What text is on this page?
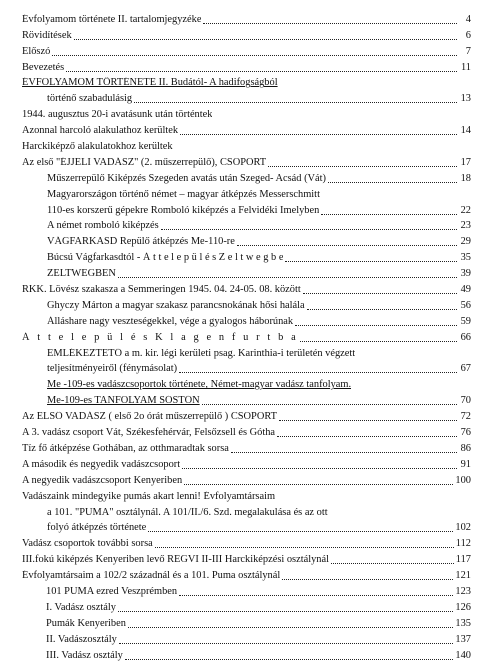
Évfolyamom története II. tartalomjegyzéke	4
Rövidítések	6
Előszó	7
Bevezetés	11
ÉVFOLYAMOM TÖRTÉNETE II. Budától- A hadifogságból
történő szabadulásig	13
1944. augusztus 20-i avatásunk után történtek
Azonnal harcoló alakulathoz kerültek	14
Harckiképző alakulatokhoz kerültek
Az első "ÉJJELI VADÁSZ" (2. műszerrepülő), CSOPORT	17
Műszerrepülő Kiképzés Szegeden avatás után Szeged- Acsád (Vát)	18
Magyarországon történő német – magyar átképzés Messerschmitt
110-es korszerű gépekre Romboló kiképzés a Felvidéki Imelyben	22
A német romboló kiképzés	23
VÁGFARKASD Repülő átképzés Me-110-re	29
Búcsú Vágfarkasdtól - Á t t e l e p ü l é s Z e l t w e g b e	35
ZELTWEGBEN	39
RKK. Lövész szakasza a Semmeringen 1945. 04. 24-05. 08. között	49
Ghyczy Márton a magyar szakasz parancsnokának hősi halála	56
Álláshare nagy veszteségekkel, vége a gyalogos háborúnak	59
Á t t e l e p ü l é s K l a g e n f u r t b a	66
EMLÉKEZTETŐ a m. kir. légi kerületi psag. Karinthia-i területén végzett
teljesítményeiről (fénymásolat)	67
Me -109-es vadászcsoportok története, Német-magyar vadász tanfolyam.
Me-109-es TANFOLYAM SÓSTÓN	70
Az ELSŐ VADÁSZ ( első 2o órát műszerrepülő ) CSOPORT	72
A 3. vadász csoport Vát, Székesfehérvár, Felsőzsell és Gótha	76
Tíz fő átképzése Gothában, az otthmaradtak sorsa	86
A második és negyedik vadászcsoport	91
A negyedik vadászcsoport Kenyeriben	100
Vadászaink mindegyike pumás akart lenni! Évfolyamtársaim
a 101. "PUMA" osztálynál. A 101/II./6. Szd. megalakulása és az ott
folyó átképzés története	102
Vadász csoportok további sorsa	112
III.fokú kiképzés Kenyeriben levő REGVI II-III Harckiképzési osztálynál	117
Évfolyamtársaim a 102/2 századnál és a 101. Puma osztálynál	121
101 PUMA ezred Veszprémben	123
I. Vadász osztály	126
Pumák Kenyeriben	135
II. Vadászosztály	137
III. Vadász osztály	140
